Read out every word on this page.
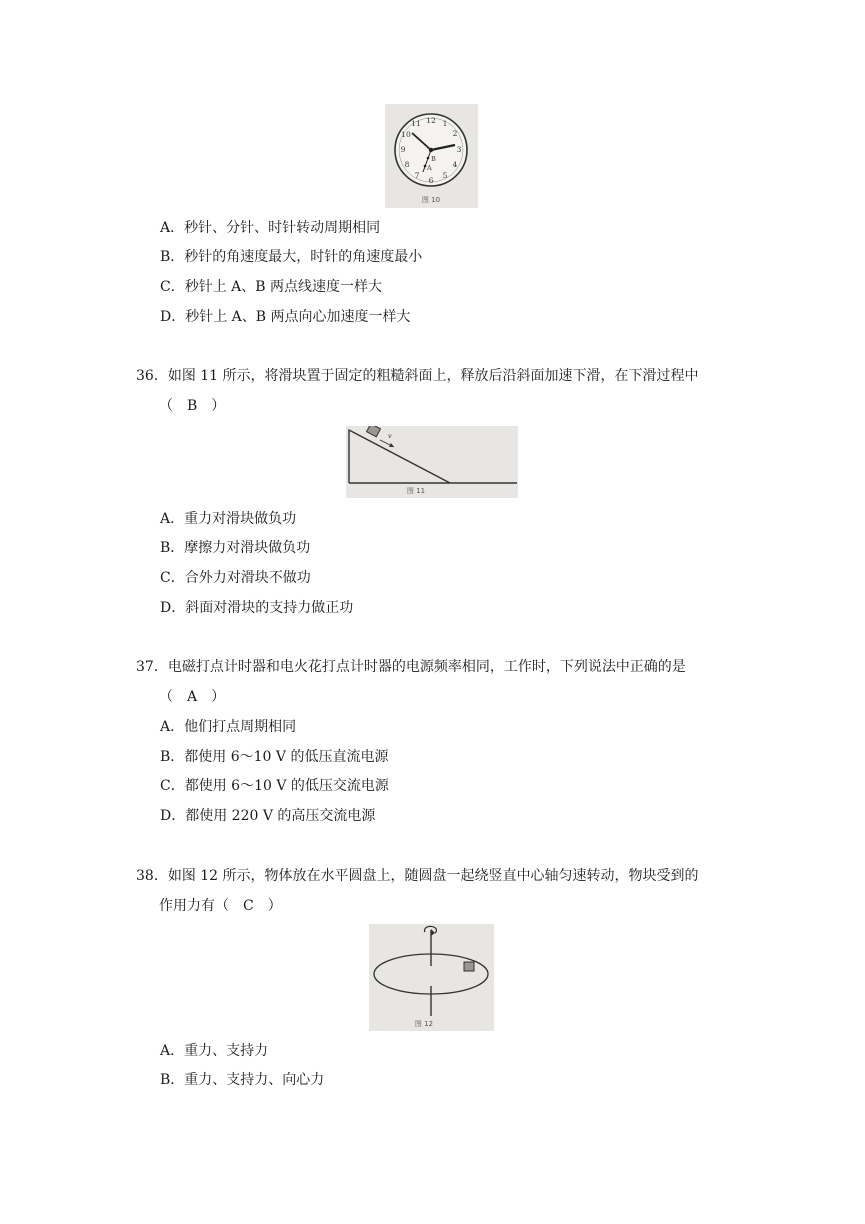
12 1
2
3
4
5
6
7
8
9
10
11
B
A
图 10
A．秒针、分针、时针转动周期相同
B．秒针的角速度最大，时针的角速度最小
C．秒针上 A、B 两点线速度一样大
D．秒针上 A、B 两点向心加速度一样大
36．如图 11 所示，将滑块置于固定的粗糙斜面上，释放后沿斜面加速下滑，在下滑过程中
（　B　）
v
图 11
A．重力对滑块做负功
B．摩擦力对滑块做负功
C．合外力对滑块不做功
D．斜面对滑块的支持力做正功
37．电磁打点计时器和电火花打点计时器的电源频率相同，工作时，下列说法中正确的是
（　A　）
A．他们打点周期相同
B．都使用 6～10 V 的低压直流电源
C．都使用 6～10 V 的低压交流电源
D．都使用 220 V 的高压交流电源
38．如图 12 所示，物体放在水平圆盘上，随圆盘一起绕竖直中心轴匀速转动，物块受到的
作用力有（　C　）
图 12
A．重力、支持力
B．重力、支持力、向心力
